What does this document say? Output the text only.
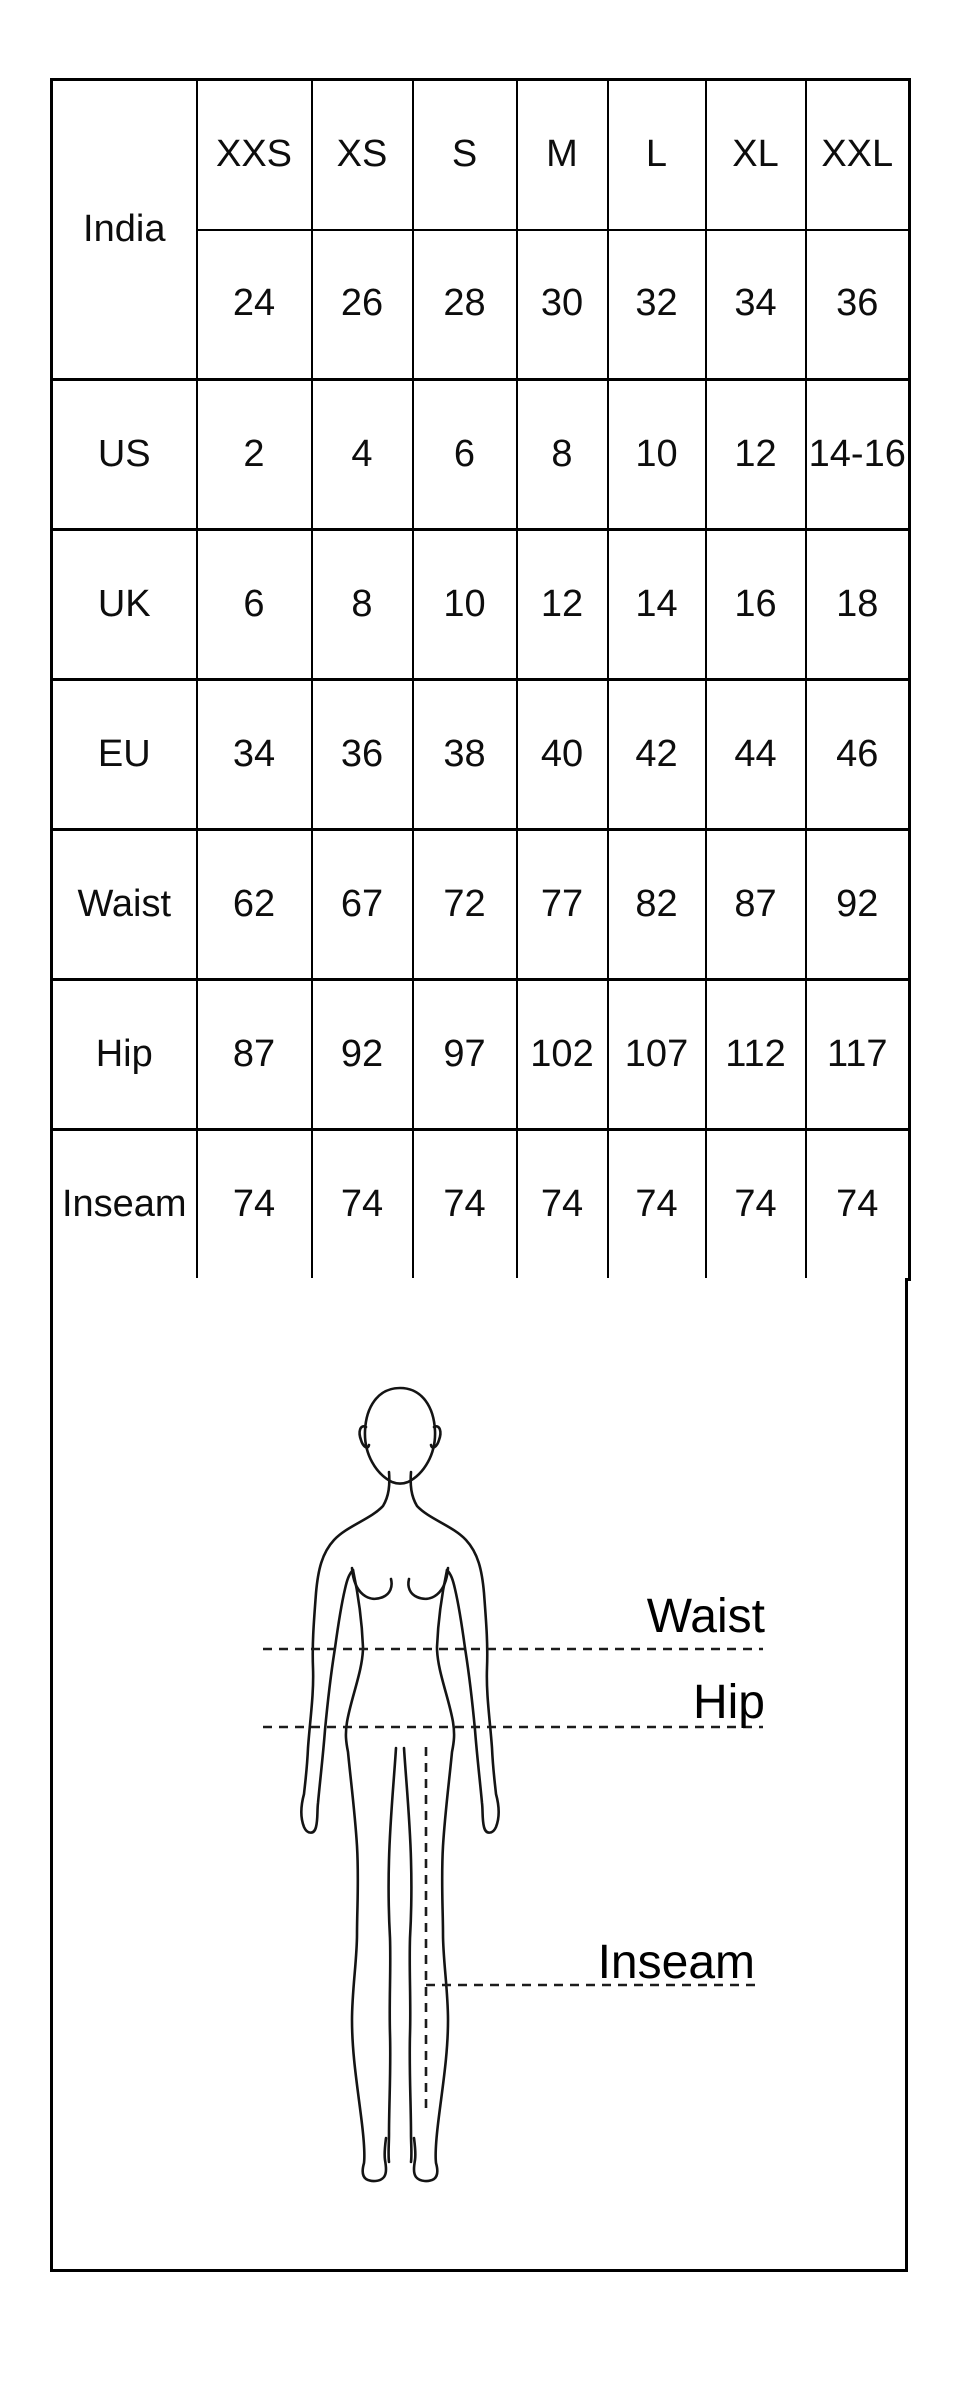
India	XXS	XS	S	M	L	XL	XXL
	24	26	28	30	32	34	36
US	2	4	6	8	10	12	14-16
UK	6	8	10	12	14	16	18
EU	34	36	38	40	42	44	46
Waist	62	67	72	77	82	87	92
Hip	87	92	97	102	107	112	117
Inseam	74	74	74	74	74	74	74
Waist
Hip
Inseam
